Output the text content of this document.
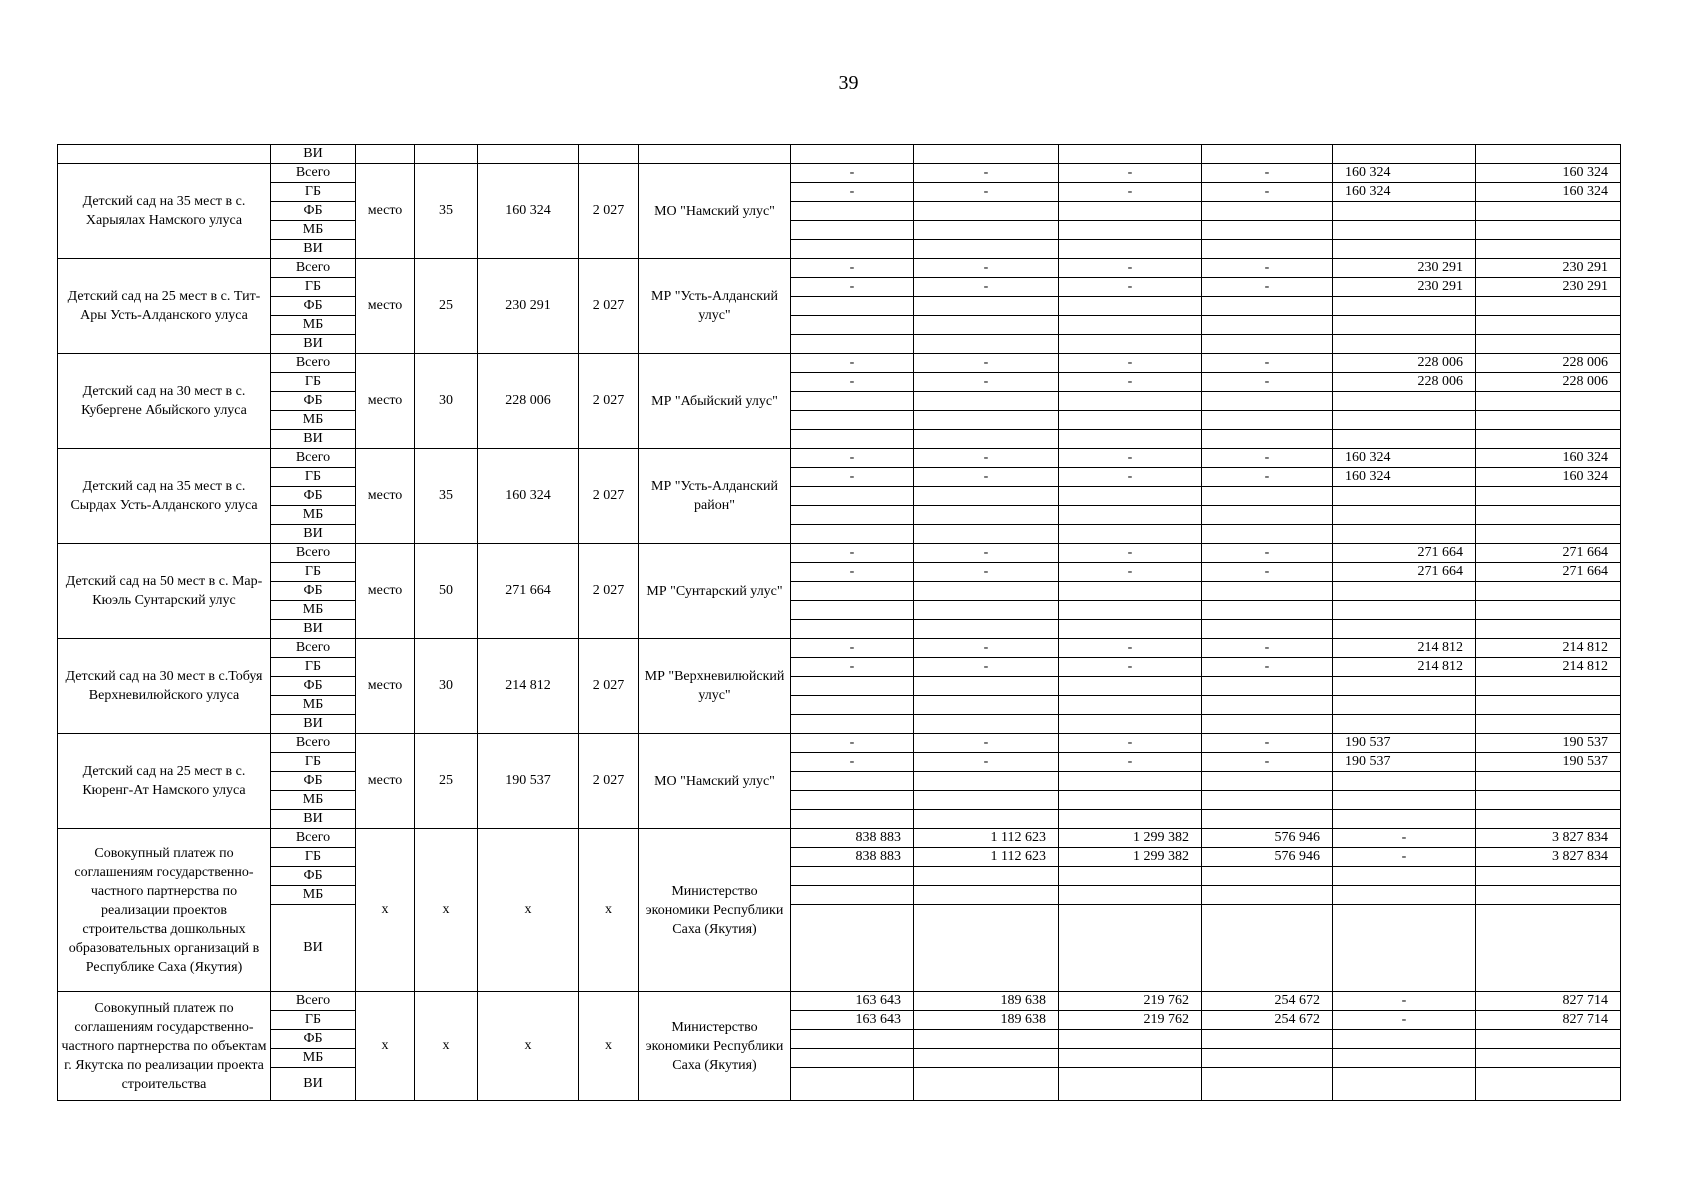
39
	ВИ											
Детский сад на 35 мест в с. Харыялах Намского улуса	Всего	место	35	160 324	2 027	МО "Намский улус"	-	-	-	-	160 324	160 324
	ГБ						-	-	-	-	160 324	160 324
	ФБ											
	МБ											
	ВИ											
Детский сад на 25 мест в с. Тит-Ары Усть-Алданского улуса	Всего	место	25	230 291	2 027	МР "Усть-Алданский улус"	-	-	-	-	230 291	230 291
	ГБ						-	-	-	-	230 291	230 291
	ФБ											
	МБ											
	ВИ											
Детский сад на 30 мест в с. Кубергене Абыйского улуса	Всего	место	30	228 006	2 027	МР "Абыйский улус"	-	-	-	-	228 006	228 006
	ГБ						-	-	-	-	228 006	228 006
	ФБ											
	МБ											
	ВИ											
Детский сад на 35 мест в с. Сырдах Усть-Алданского улуса	Всего	место	35	160 324	2 027	МР "Усть-Алданский район"	-	-	-	-	160 324	160 324
	ГБ						-	-	-	-	160 324	160 324
	ФБ											
	МБ											
	ВИ											
Детский сад на 50 мест в с. Мар-Кюэль Сунтарский улус	Всего	место	50	271 664	2 027	МР "Сунтарский улус"	-	-	-	-	271 664	271 664
	ГБ						-	-	-	-	271 664	271 664
	ФБ											
	МБ											
	ВИ											
Детский сад на 30 мест в с.Тобуя Верхневилюйского улуса	Всего	место	30	214 812	2 027	МР "Верхневилюйский улус"	-	-	-	-	214 812	214 812
	ГБ						-	-	-	-	214 812	214 812
	ФБ											
	МБ											
	ВИ											
Детский сад на 25 мест в с. Кюренг-Ат Намского улуса	Всего	место	25	190 537	2 027	МО "Намский улус"	-	-	-	-	190 537	190 537
	ГБ						-	-	-	-	190 537	190 537
	ФБ											
	МБ											
	ВИ											
Совокупный платеж по соглашениям государственно-частного партнерства по реализации проектов строительства дошкольных образовательных организаций в Республике Саха (Якутия)	Всего	х	х	х	х	Министерство экономики Республики Саха (Якутия)	838 883	1 112 623	1 299 382	576 946	-	3 827 834
	ГБ						838 883	1 112 623	1 299 382	576 946	-	3 827 834
	ФБ											
	МБ											
	ВИ											
Совокупный платеж по соглашениям государственно-частного партнерства по объектам г. Якутска по реализации проекта строительства	Всего	х	х	х	х	Министерство экономики Республики Саха (Якутия)	163 643	189 638	219 762	254 672	-	827 714
	ГБ						163 643	189 638	219 762	254 672	-	827 714
	ФБ											
	МБ											
	ВИ											
